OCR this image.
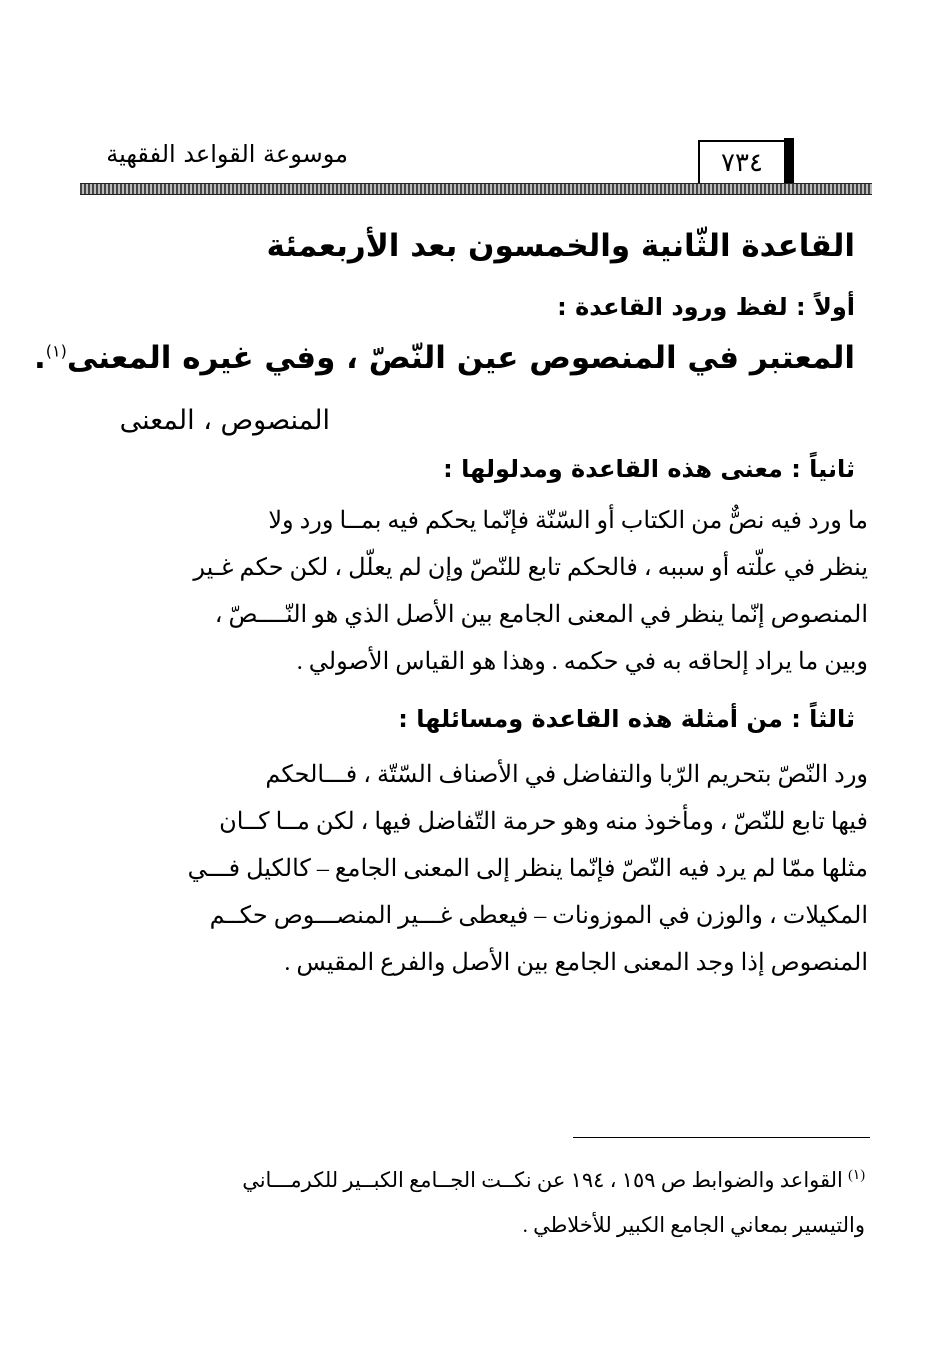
٧٣٤
موسوعة القواعد الفقهية
القاعدة الثّانية والخمسون بعد الأربعمئة
أولاً : لفظ ورود القاعدة :
المعتبر في المنصوص عين النّصّ ، وفي غيره المعنى$^{(١)}$.
المنصوص ، المعنى
ثانياً : معنى هذه القاعدة ومدلولها :
ما ورد فيه نصٌّ من الكتاب أو السّنّة فإنّما يحكم فيه بمــا ورد ولا
ينظر في علّته أو سببه ، فالحكم تابع للنّصّ وإن لم يعلّل ، لكن حكم غـير
المنصوص إنّما ينظر في المعنى الجامع بين الأصل الذي هو النّــــصّ ،
وبين ما يراد إلحاقه به في حكمه . وهذا هو القياس الأصولي .
ثالثاً : من أمثلة هذه القاعدة ومسائلها :
ورد النّصّ بتحريم الرّبا والتفاضل في الأصناف السّتّة ، فـــالحكم
فيها تابع للنّصّ ، ومأخوذ منه وهو حرمة التّفاضل فيها ، لكن مــا كــان
مثلها ممّا لم يرد فيه النّصّ فإنّما ينظر إلى المعنى الجامع – كالكيل فـــي
المكيلات ، والوزن في الموزونات – فيعطى غـــير المنصـــوص حكــم
المنصوص إذا وجد المعنى الجامع بين الأصل والفرع المقيس .
$^{(١)}$ القواعد والضوابط ص ١٥٩ ، ١٩٤ عن نكــت الجــامع الكبــير للكرمـــاني
والتيسير بمعاني الجامع الكبير للأخلاطي .
